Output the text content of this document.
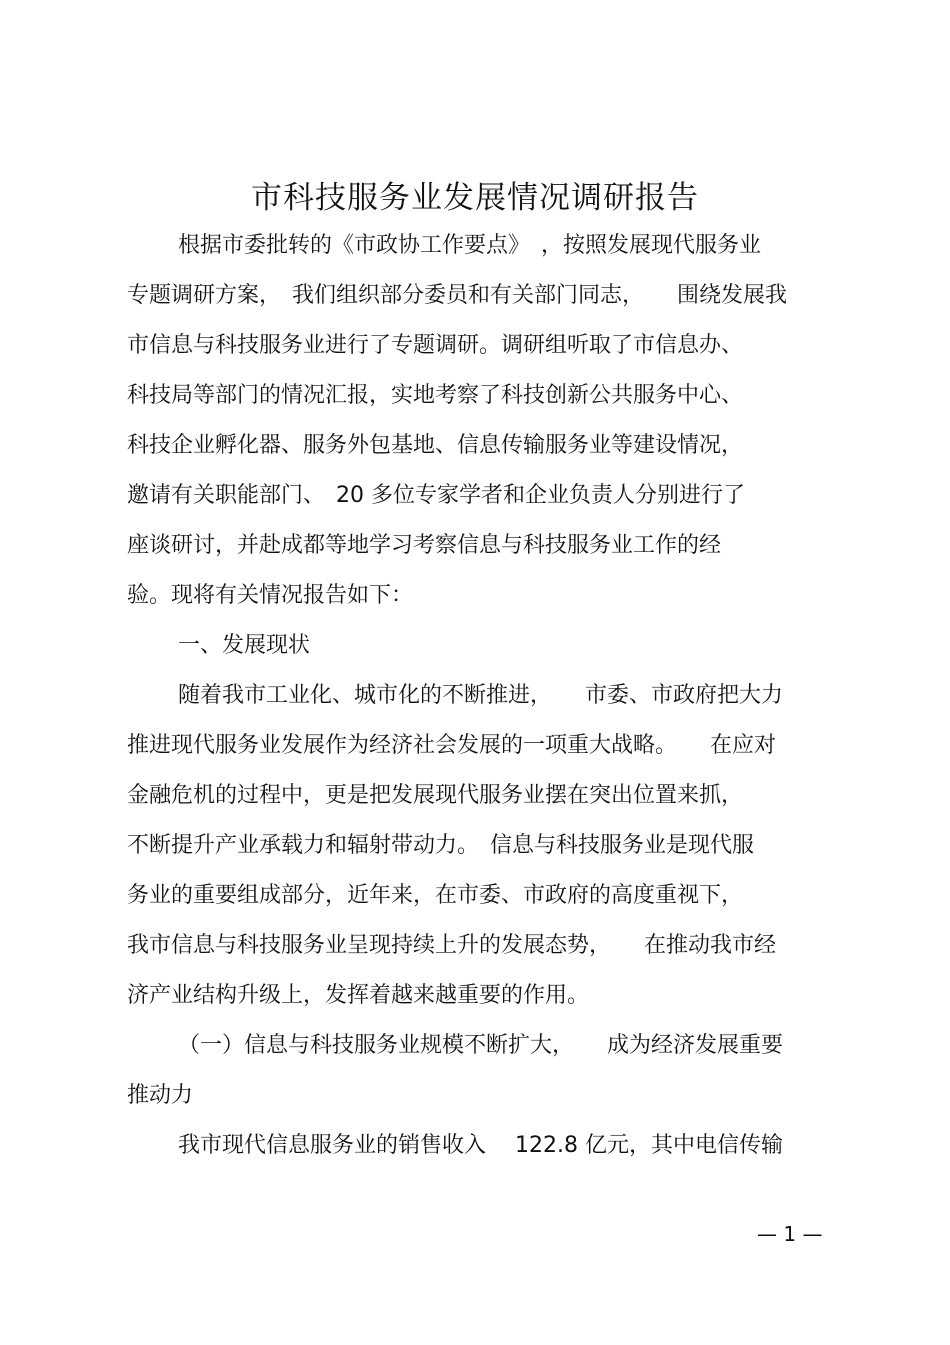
市科技服务业发展情况调研报告
根据市委批转的《市政协工作要点》　，按照发展现代服务业
专题调研方案，　我们组织部分委员和有关部门同志，　　围绕发展我
市信息与科技服务业进行了专题调研。调研组听取了市信息办、
科技局等部门的情况汇报，实地考察了科技创新公共服务中心、
科技企业孵化器、服务外包基地、信息传输服务业等建设情况，
邀请有关职能部门、　20 多位专家学者和企业负责人分别进行了
座谈研讨，并赴成都等地学习考察信息与科技服务业工作的经
验。现将有关情况报告如下：
一、发展现状
随着我市工业化、城市化的不断推进，　　市委、市政府把大力
推进现代服务业发展作为经济社会发展的一项重大战略。　　在应对
金融危机的过程中，更是把发展现代服务业摆在突出位置来抓，
不断提升产业承载力和辐射带动力。　信息与科技服务业是现代服
务业的重要组成部分，近年来，在市委、市政府的高度重视下，
我市信息与科技服务业呈现持续上升的发展态势，　　在推动我市经
济产业结构升级上，发挥着越来越重要的作用。
（一）信息与科技服务业规模不断扩大，　　成为经济发展重要
推动力
我市现代信息服务业的销售收入　 122.8 亿元，其中电信传输
— 1 —
